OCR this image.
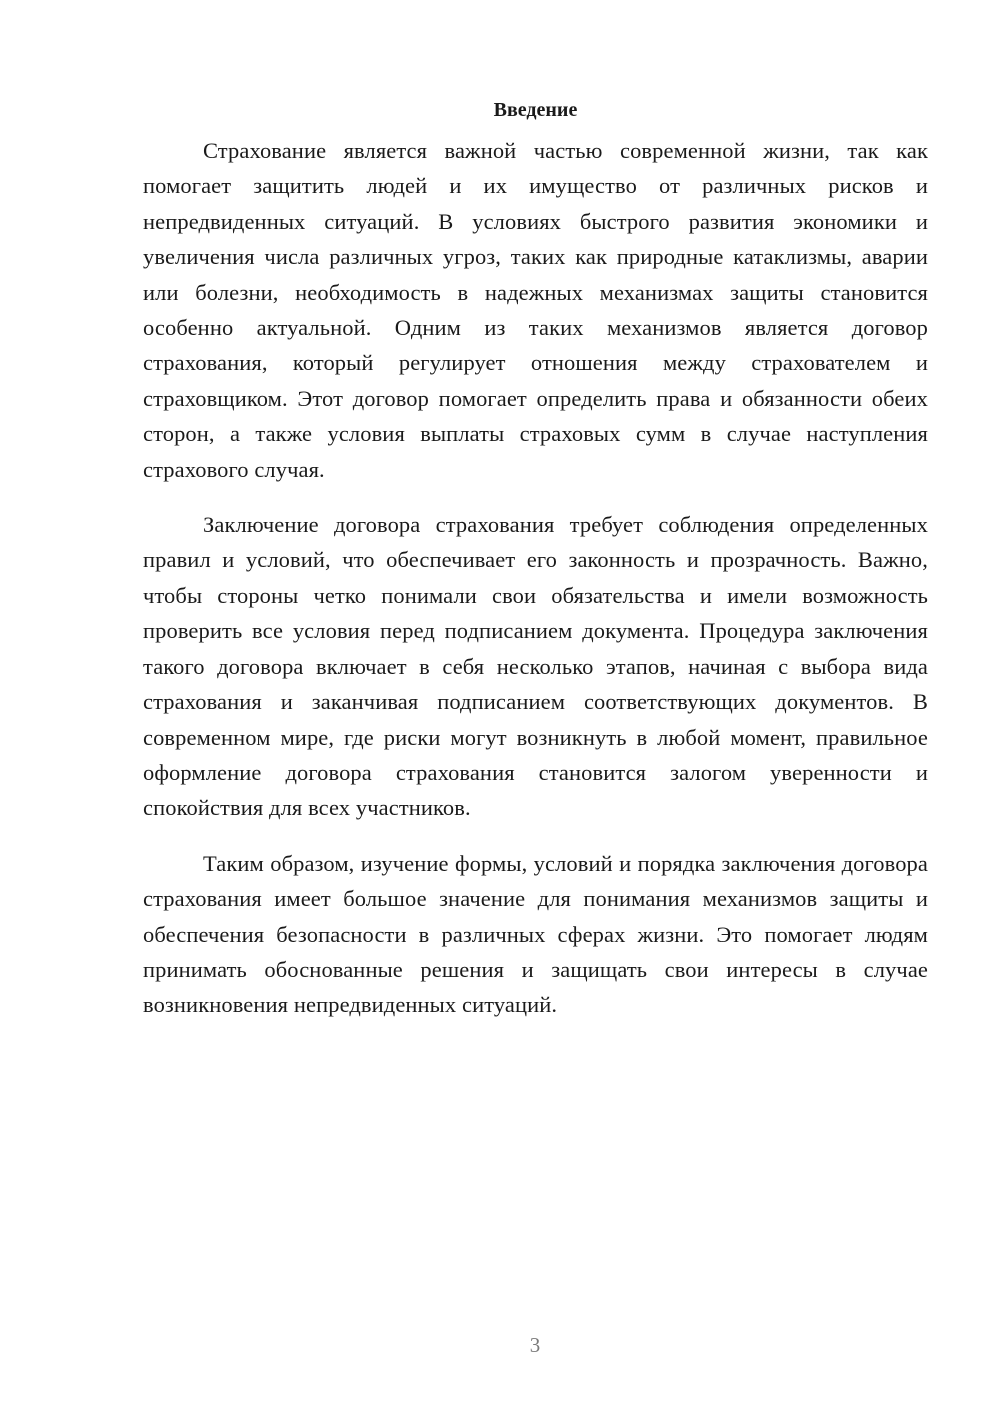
Введение

Страхование является важной частью современной жизни, так как помогает защитить людей и их имущество от различных рисков и непредвиденных ситуаций. В условиях быстрого развития экономики и увеличения числа различных угроз, таких как природные катаклизмы, аварии или болезни, необходимость в надежных механизмах защиты становится особенно актуальной. Одним из таких механизмов является договор страхования, который регулирует отношения между страхователем и страховщиком. Этот договор помогает определить права и обязанности обеих сторон, а также условия выплаты страховых сумм в случае наступления страхового случая.

Заключение договора страхования требует соблюдения определенных правил и условий, что обеспечивает его законность и прозрачность. Важно, чтобы стороны четко понимали свои обязательства и имели возможность проверить все условия перед подписанием документа. Процедура заключения такого договора включает в себя несколько этапов, начиная с выбора вида страхования и заканчивая подписанием соответствующих документов. В современном мире, где риски могут возникнуть в любой момент, правильное оформление договора страхования становится залогом уверенности и спокойствия для всех участников.

Таким образом, изучение формы, условий и порядка заключения договора страхования имеет большое значение для понимания механизмов защиты и обеспечения безопасности в различных сферах жизни. Это помогает людям принимать обоснованные решения и защищать свои интересы в случае возникновения непредвиденных ситуаций.

3
